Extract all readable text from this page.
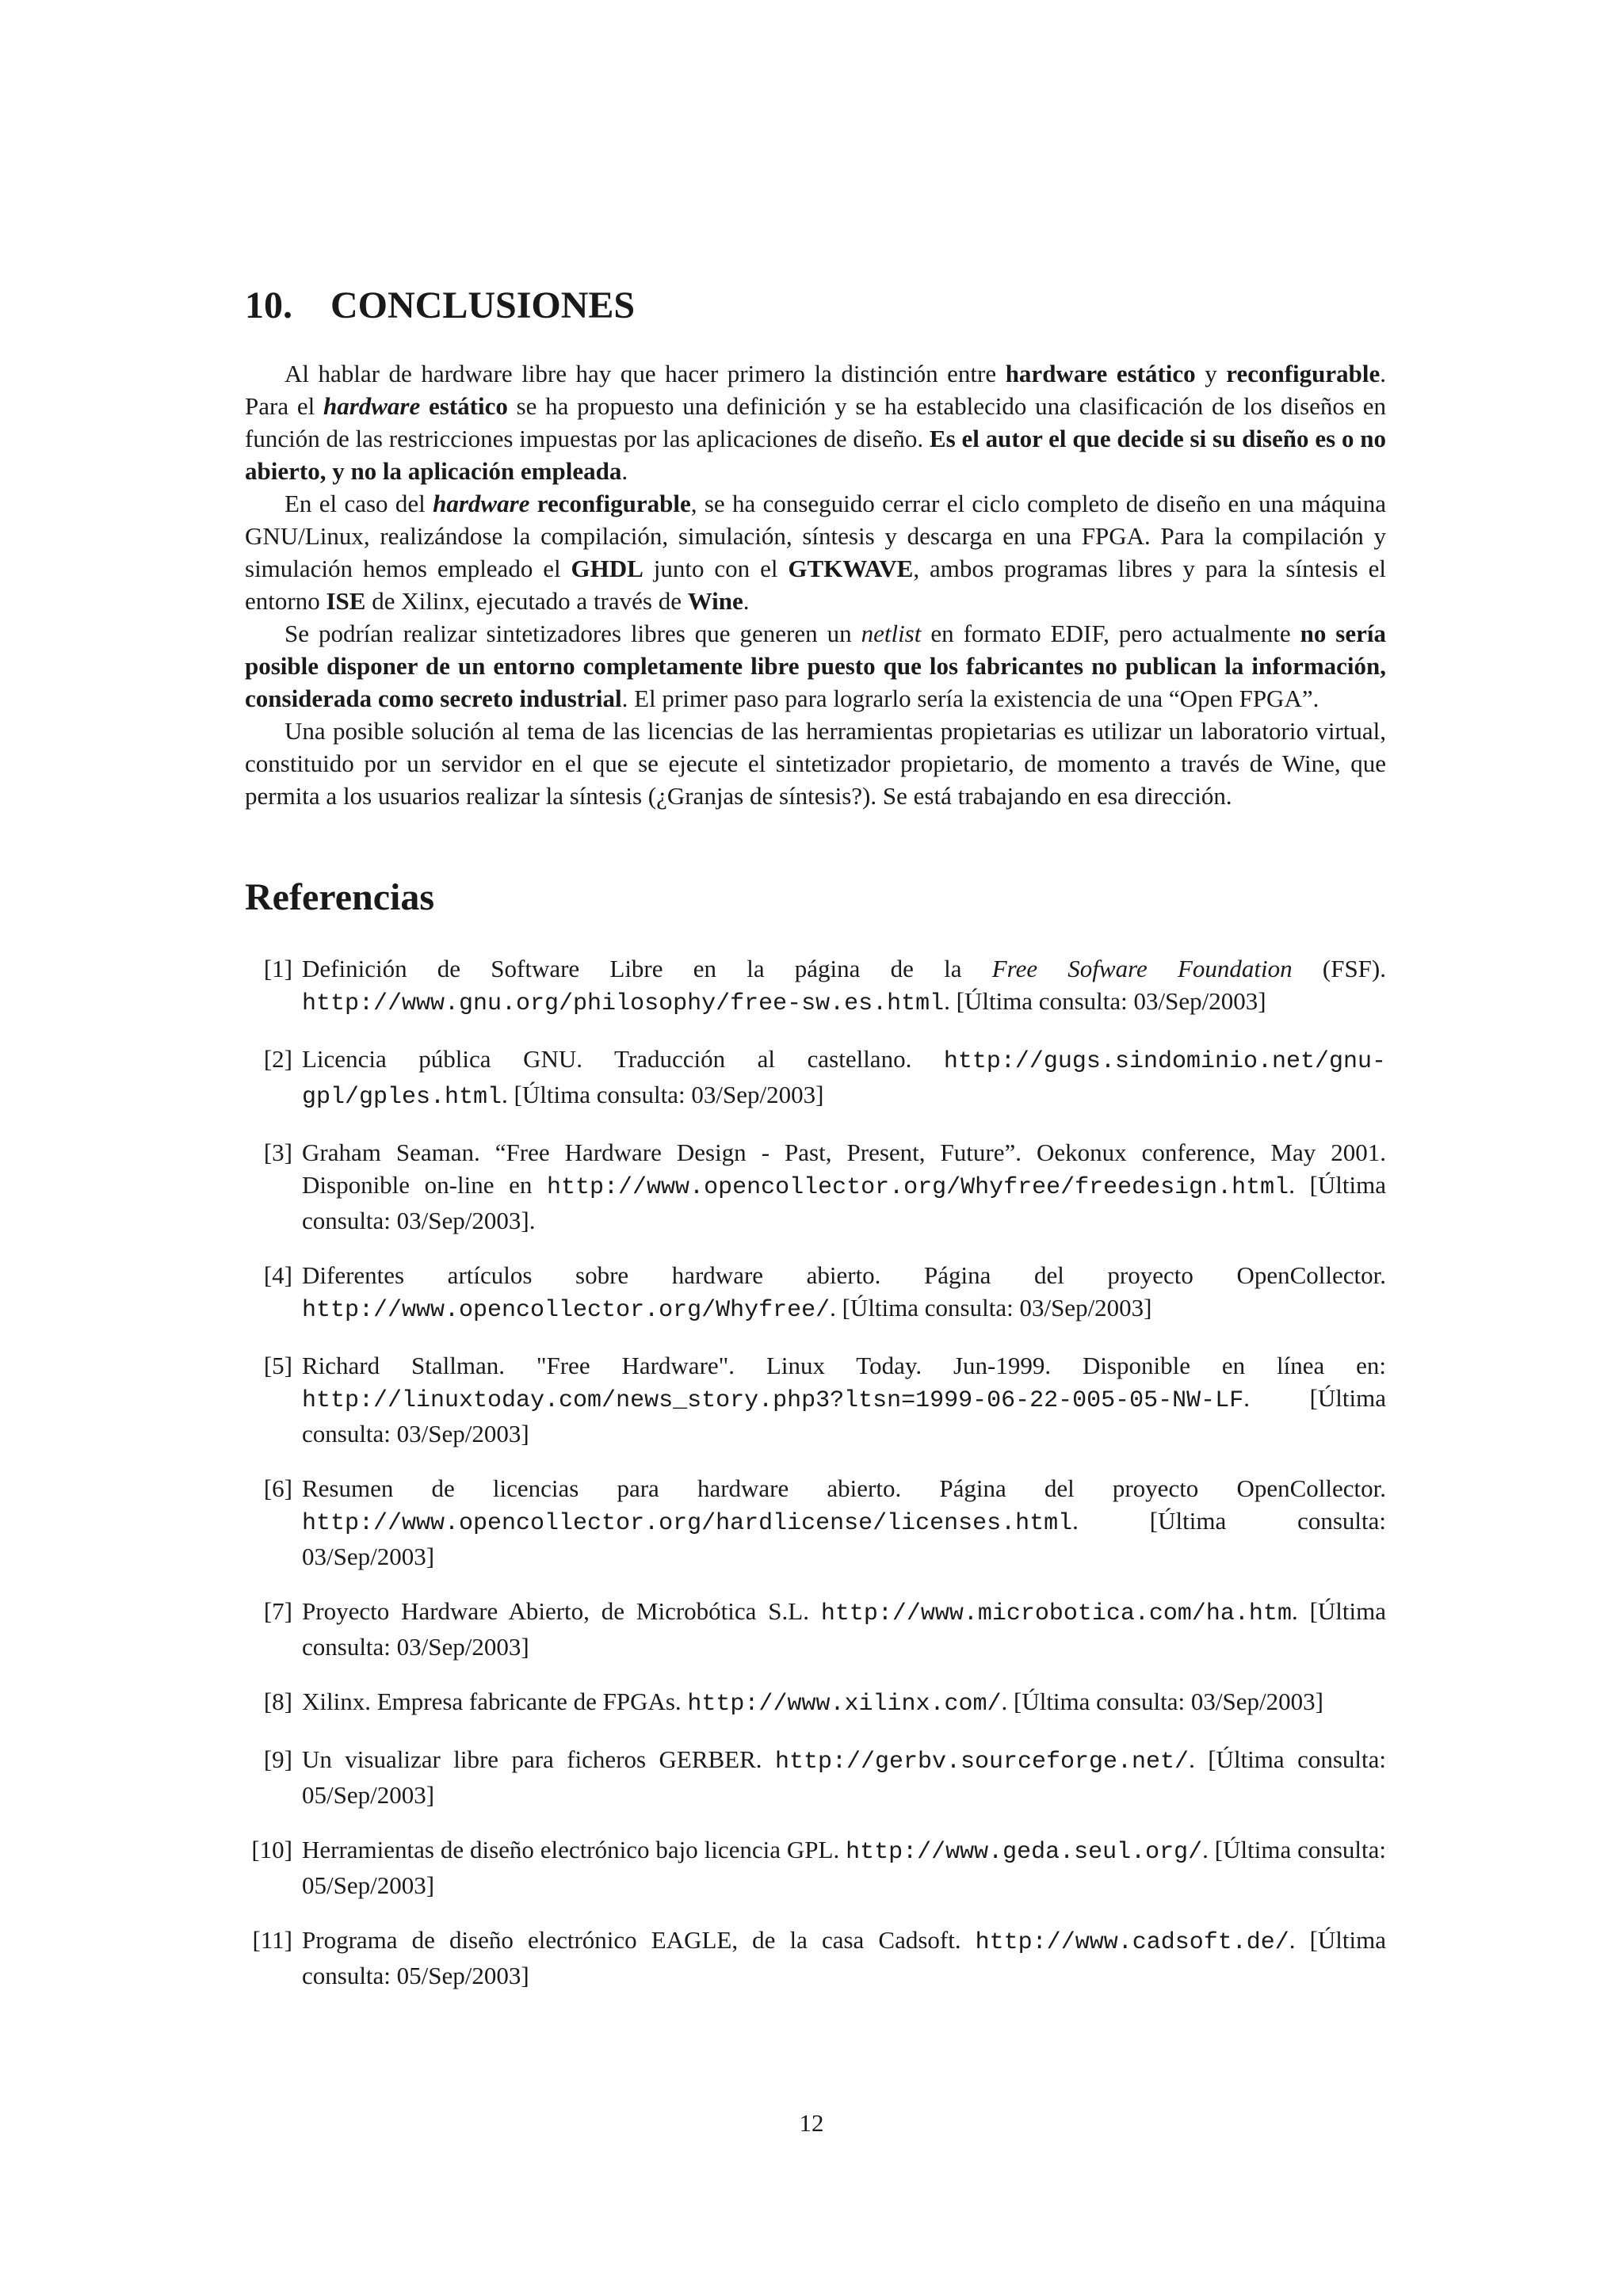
10. CONCLUSIONES

Al hablar de hardware libre hay que hacer primero la distinción entre hardware estático y reconfigurable. Para el hardware estático se ha propuesto una definición y se ha establecido una clasificación de los diseños en función de las restricciones impuestas por las aplicaciones de diseño. Es el autor el que decide si su diseño es o no abierto, y no la aplicación empleada.

En el caso del hardware reconfigurable, se ha conseguido cerrar el ciclo completo de diseño en una máquina GNU/Linux, realizándose la compilación, simulación, síntesis y descarga en una FPGA. Para la compilación y simulación hemos empleado el GHDL junto con el GTKWAVE, ambos programas libres y para la síntesis el entorno ISE de Xilinx, ejecutado a través de Wine.

Se podrían realizar sintetizadores libres que generen un netlist en formato EDIF, pero actualmente no sería posible disponer de un entorno completamente libre puesto que los fabricantes no publican la información, considerada como secreto industrial. El primer paso para lograrlo sería la existencia de una “Open FPGA”.

Una posible solución al tema de las licencias de las herramientas propietarias es utilizar un laboratorio virtual, constituido por un servidor en el que se ejecute el sintetizador propietario, de momento a través de Wine, que permita a los usuarios realizar la síntesis (¿Granjas de síntesis?). Se está trabajando en esa dirección.

Referencias
[1] Definición de Software Libre en la página de la Free Sofware Foundation (FSF). http://www.gnu.org/philosophy/free-sw.es.html. [Última consulta: 03/Sep/2003]
[2] Licencia pública GNU. Traducción al castellano. http://gugs.sindominio.net/gnu-gpl/gples.html. [Última consulta: 03/Sep/2003]
[3] Graham Seaman. “Free Hardware Design - Past, Present, Future”. Oekonux conference, May 2001. Disponible on-line en http://www.opencollector.org/Whyfree/freedesign.html. [Última consulta: 03/Sep/2003].
[4] Diferentes artículos sobre hardware abierto. Página del proyecto OpenCollector. http://www.opencollector.org/Whyfree/. [Última consulta: 03/Sep/2003]
[5] Richard Stallman. "Free Hardware". Linux Today. Jun-1999. Disponible en línea en: http://linuxtoday.com/news_story.php3?ltsn=1999-06-22-005-05-NW-LF. [Última consulta: 03/Sep/2003]
[6] Resumen de licencias para hardware abierto. Página del proyecto OpenCollector. http://www.opencollector.org/hardlicense/licenses.html. [Última consulta: 03/Sep/2003]
[7] Proyecto Hardware Abierto, de Microbótica S.L. http://www.microbotica.com/ha.htm. [Última consulta: 03/Sep/2003]
[8] Xilinx. Empresa fabricante de FPGAs. http://www.xilinx.com/. [Última consulta: 03/Sep/2003]
[9] Un visualizar libre para ficheros GERBER. http://gerbv.sourceforge.net/. [Última consulta: 05/Sep/2003]
[10] Herramientas de diseño electrónico bajo licencia GPL. http://www.geda.seul.org/. [Última consulta: 05/Sep/2003]
[11] Programa de diseño electrónico EAGLE, de la casa Cadsoft. http://www.cadsoft.de/. [Última consulta: 05/Sep/2003]
12
